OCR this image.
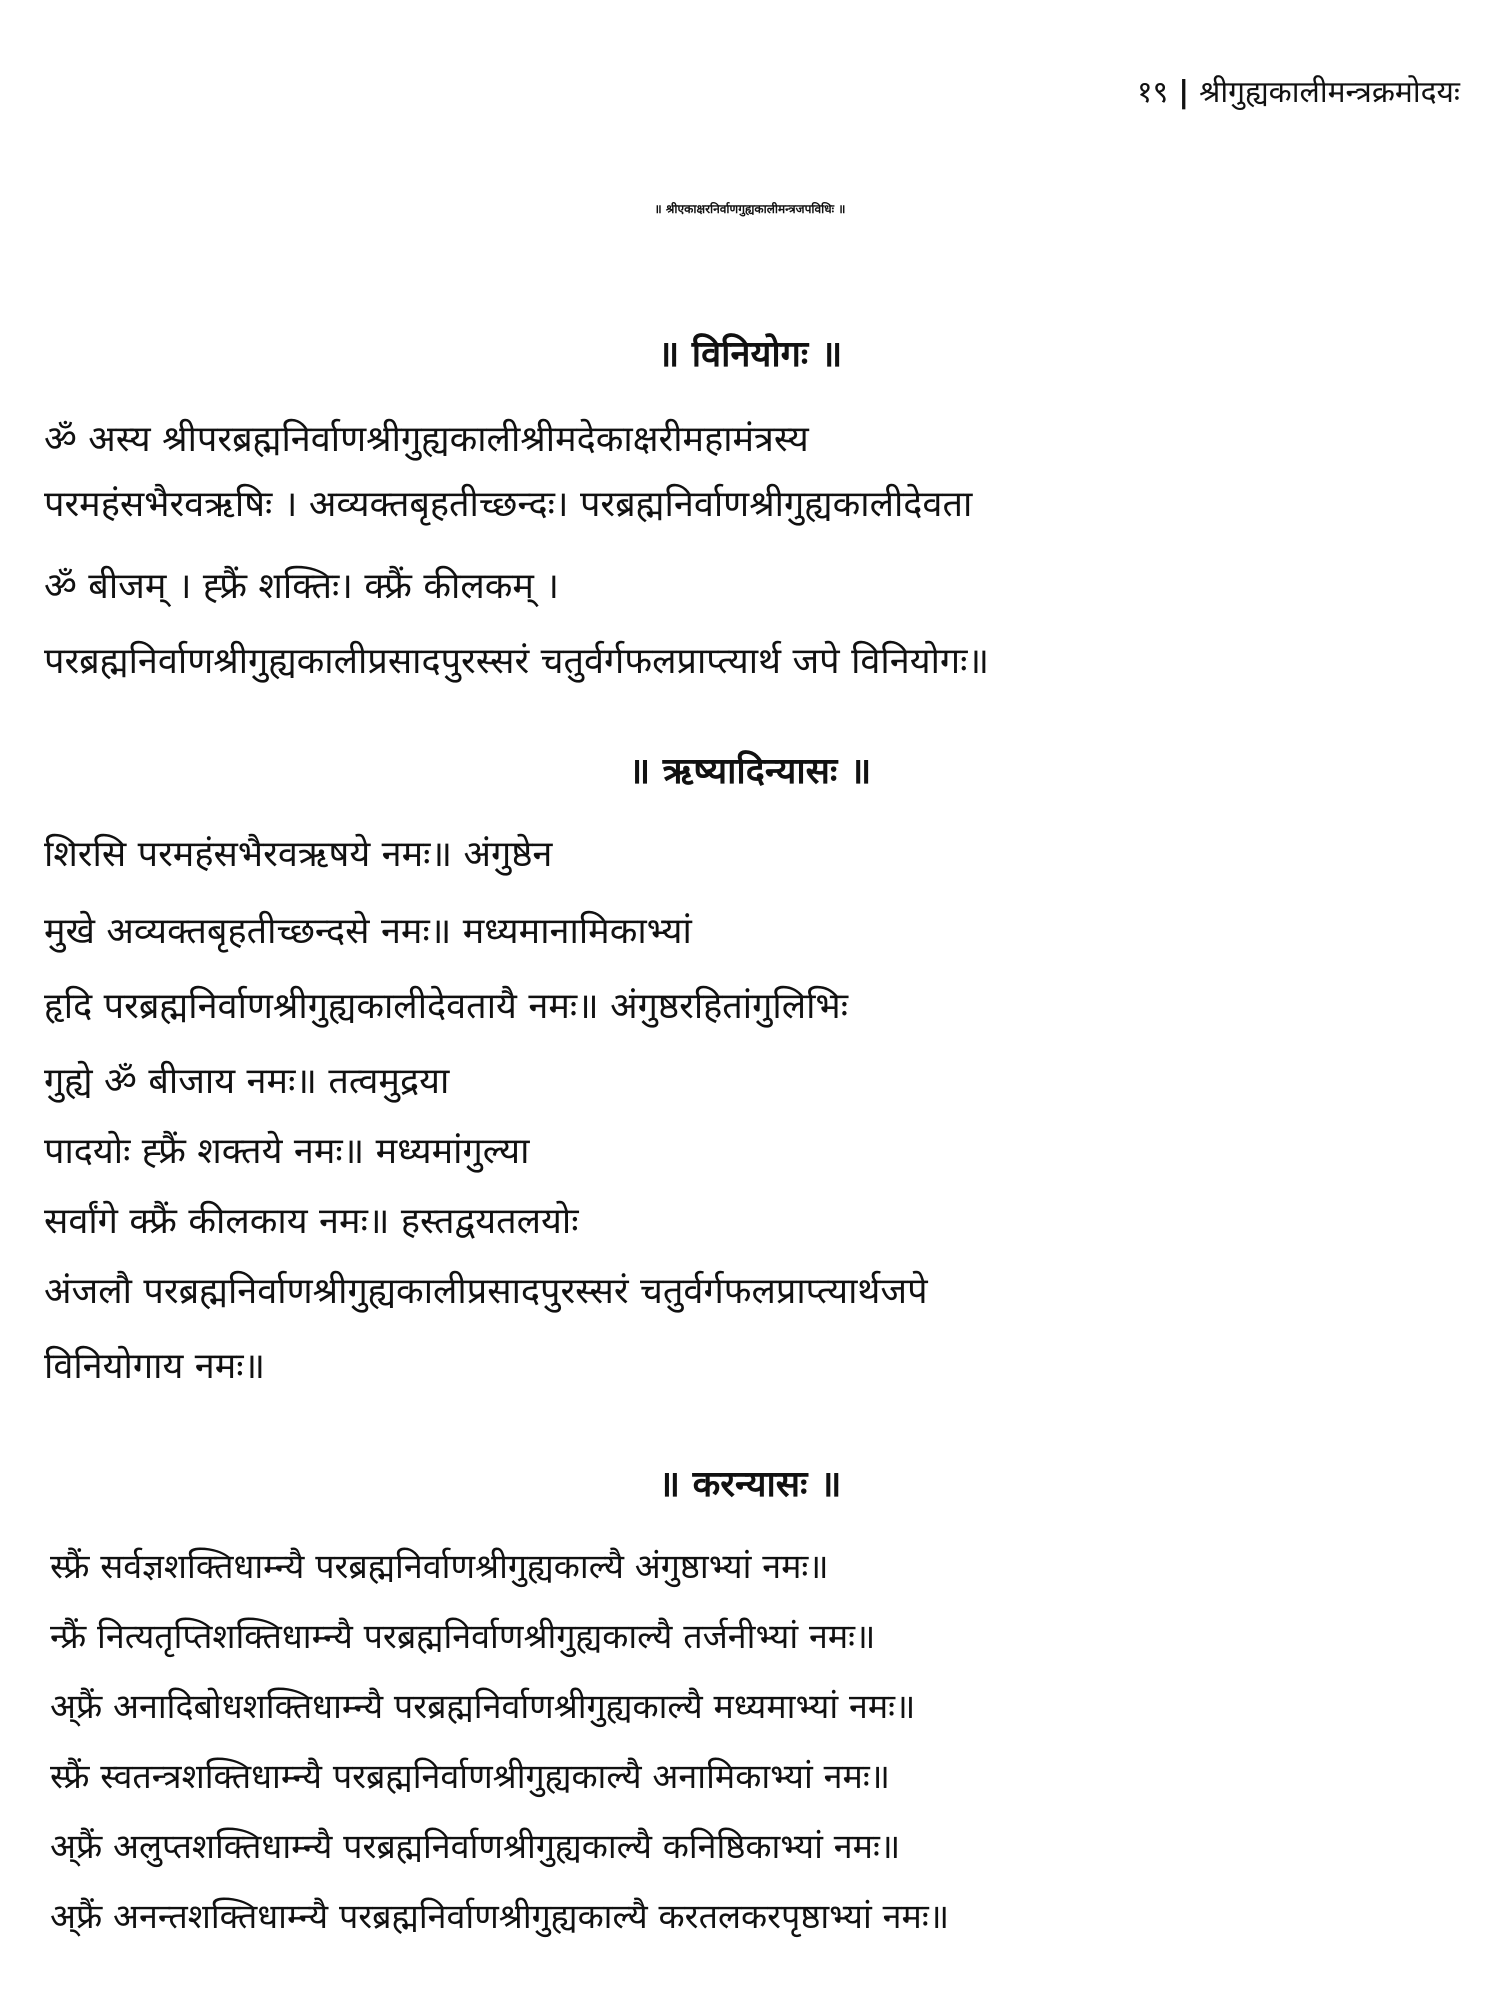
१९ | श्रीगुह्यकालीमन्त्रक्रमोदयः
॥ श्रीएकाक्षरनिर्वाणगुह्यकालीमन्त्रजपविधिः ॥
॥ विनियोगः ॥
ॐ अस्य श्रीपरब्रह्मनिर्वाणश्रीगुह्यकालीश्रीमदेकाक्षरीमहामंत्रस्य
परमहंसभैरवऋषिः । अव्यक्तबृहतीच्छन्दः। परब्रह्मनिर्वाणश्रीगुह्यकालीदेवता
ॐ बीजम् । ह्फ्रैं शक्तिः। क्फ्रैं कीलकम् ।
परब्रह्मनिर्वाणश्रीगुह्यकालीप्रसादपुरस्सरं चतुर्वर्गफलप्राप्त्यार्थ जपे विनियोगः॥
॥ ऋष्यादिन्यासः ॥
शिरसि परमहंसभैरवऋषये नमः॥ अंगुष्ठेन
मुखे अव्यक्तबृहतीच्छन्दसे नमः॥ मध्यमानामिकाभ्यां
हृदि परब्रह्मनिर्वाणश्रीगुह्यकालीदेवतायै नमः॥ अंगुष्ठरहितांगुलिभिः
गुह्ये ॐ बीजाय नमः॥ तत्वमुद्रया
पादयोः ह्फ्रैं शक्तये नमः॥ मध्यमांगुल्या
सर्वांगे क्फ्रैं कीलकाय नमः॥ हस्तद्वयतलयोः
अंजलौ परब्रह्मनिर्वाणश्रीगुह्यकालीप्रसादपुरस्सरं चतुर्वर्गफलप्राप्त्यार्थजपे
विनियोगाय नमः॥
॥ करन्यासः ॥
स्फ्रैं सर्वज्ञशक्तिधाम्न्यै परब्रह्मनिर्वाणश्रीगुह्यकाल्यै अंगुष्ठाभ्यां नमः॥
न्फ्रैं नित्यतृप्तिशक्तिधाम्न्यै परब्रह्मनिर्वाणश्रीगुह्यकाल्यै तर्जनीभ्यां नमः॥
अ्फ्रैं अनादिबोधशक्तिधाम्न्यै परब्रह्मनिर्वाणश्रीगुह्यकाल्यै मध्यमाभ्यां नमः॥
स्फ्रैं स्वतन्त्रशक्तिधाम्न्यै परब्रह्मनिर्वाणश्रीगुह्यकाल्यै अनामिकाभ्यां नमः॥
अ्फ्रैं अलुप्तशक्तिधाम्न्यै परब्रह्मनिर्वाणश्रीगुह्यकाल्यै कनिष्ठिकाभ्यां नमः॥
अ्फ्रैं अनन्तशक्तिधाम्न्यै परब्रह्मनिर्वाणश्रीगुह्यकाल्यै करतलकरपृष्ठाभ्यां नमः॥
